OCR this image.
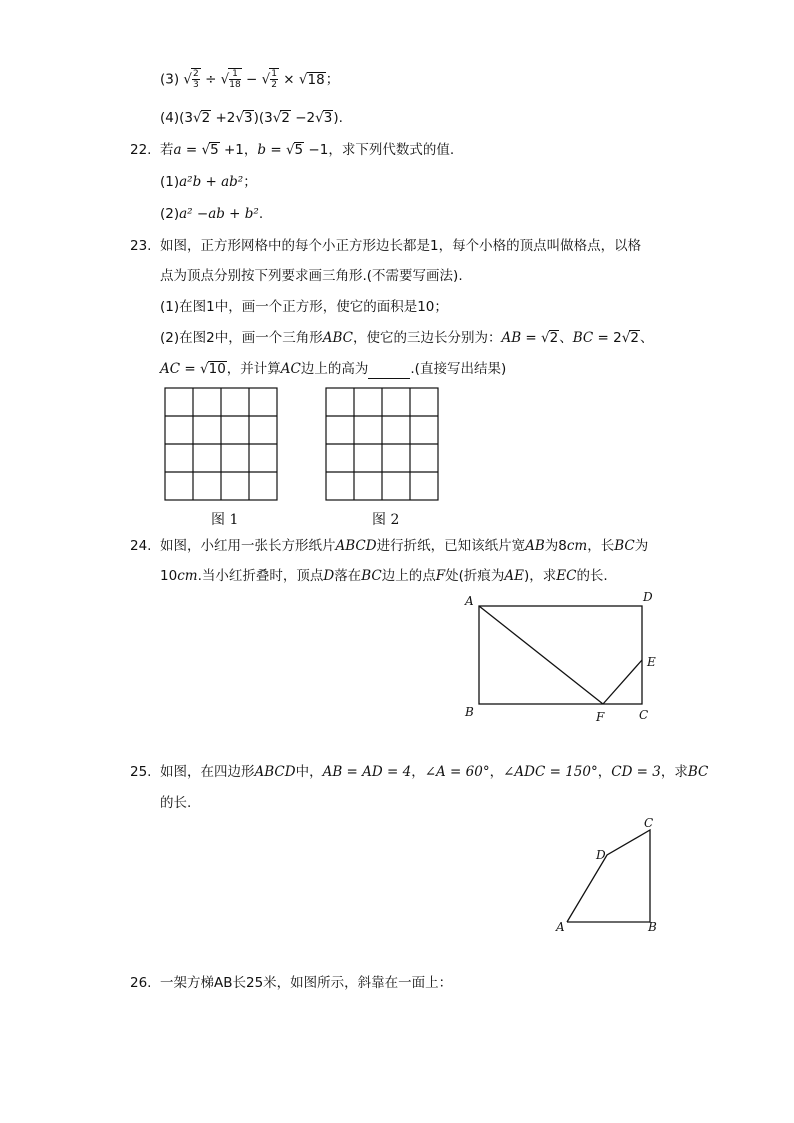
(3) √ $\frac{2}{3}$ ÷ √ $\frac{1}{18}$ − √ $\frac{1}{2} \times √18$；
(4)(3√2 +2√3)(3√2 −2√3).
22. 若a = √5 +1，b = √5 −1，求下列代数式的值.
(1)a²b + ab²；
(2)a² −ab + b².
23. 如图，正方形网格中的每个小正方形边长都是1，每个小格的顶点叫做格点，以格
点为顶点分别按下列要求画三角形.(不需要写画法).
(1)在图1中，画一个正方形，使它的面积是10；
(2)在图2中，画一个三角形ABC，使它的三边长分别为：AB = √2、BC = 2√2、
AC = √10，并计算AC边上的高为	.(直接写出结果)
图 1	图 2
24. 如图，小红用一张长方形纸片ABCD进行折纸，已知该纸片宽AB为8cm，长BC为
10cm.当小红折叠时，顶点D落在BC边上的点F处(折痕为AE)，求EC的长.
A	D
E
B	F	C
25. 如图，在四边形ABCD中，AB = AD = 4，∠A = 60°，∠ADC = 150°，CD = 3，求BC
的长.
A
D
C
B
26. 一架方梯AB长25米，如图所示，斜靠在一面上：
